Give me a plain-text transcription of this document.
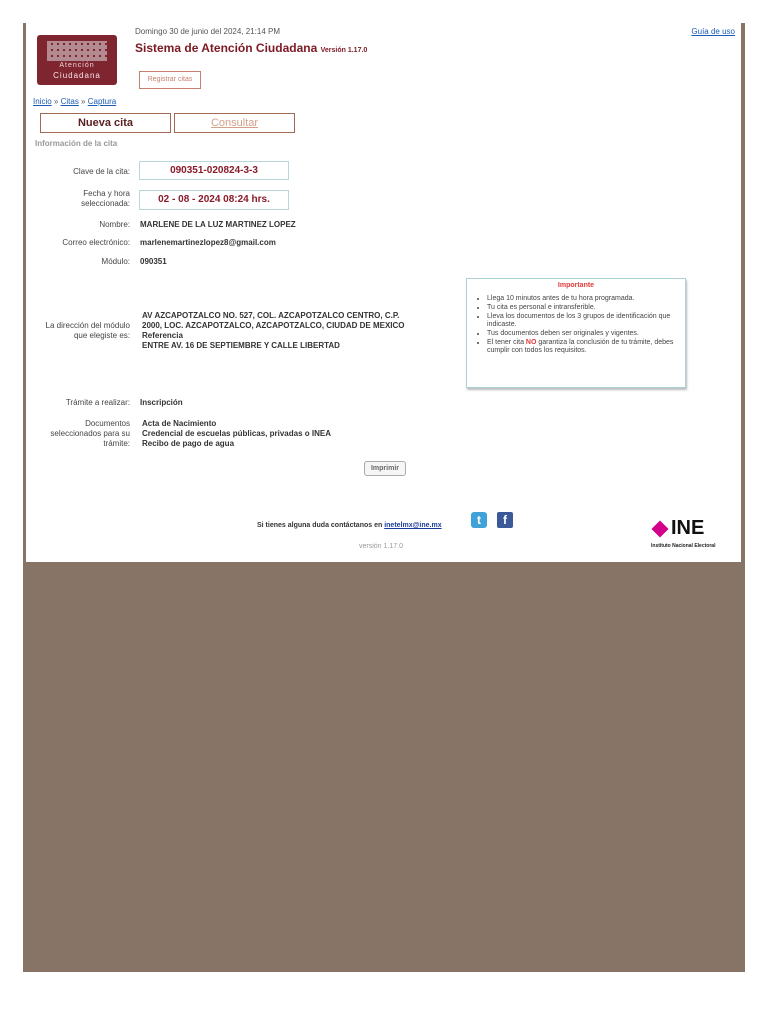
Atención
Ciudadana
Domingo 30 de junio del 2024, 21:14 PM	Guía de uso
Sistema de Atención Ciudadana Versión 1.17.0
Registrar citas
Inicio » Citas » Captura
Nueva cita	Consultar
Información de la cita
Clave de la cita:	090351-020824-3-3
Fecha y hora
seleccionada:	02 - 08 - 2024 08:24 hrs.
Nombre: MARLENE DE LA LUZ MARTINEZ LOPEZ
Correo electrónico: marlenemartinezlopez8@gmail.com
Módulo: 090351
La dirección del módulo
que elegiste es:
AV AZCAPOTZALCO NO. 527, COL. AZCAPOTZALCO CENTRO, C.P.
2000, LOC. AZCAPOTZALCO, AZCAPOTZALCO, CIUDAD DE MEXICO
Referencia
ENTRE AV. 16 DE SEPTIEMBRE Y CALLE LIBERTAD
Importante
• Llega 10 minutos antes de tu hora programada.
• Tu cita es personal e intransferible.
• Lleva los documentos de los 3 grupos de identificación que indicaste.
• Tus documentos deben ser originales y vigentes.
• El tener cita NO garantiza la conclusión de tu trámite, debes cumplir con todos los requisitos.
Trámite a realizar: Inscripción
Documentos
seleccionados para su
trámite:
Acta de Nacimiento
Credencial de escuelas públicas, privadas o INEA
Recibo de pago de agua
Imprimir
Si tienes alguna duda contáctanos en inetelmx@ine.mx	t	f
versión 1.17.0
INE
Instituto Nacional Electoral
